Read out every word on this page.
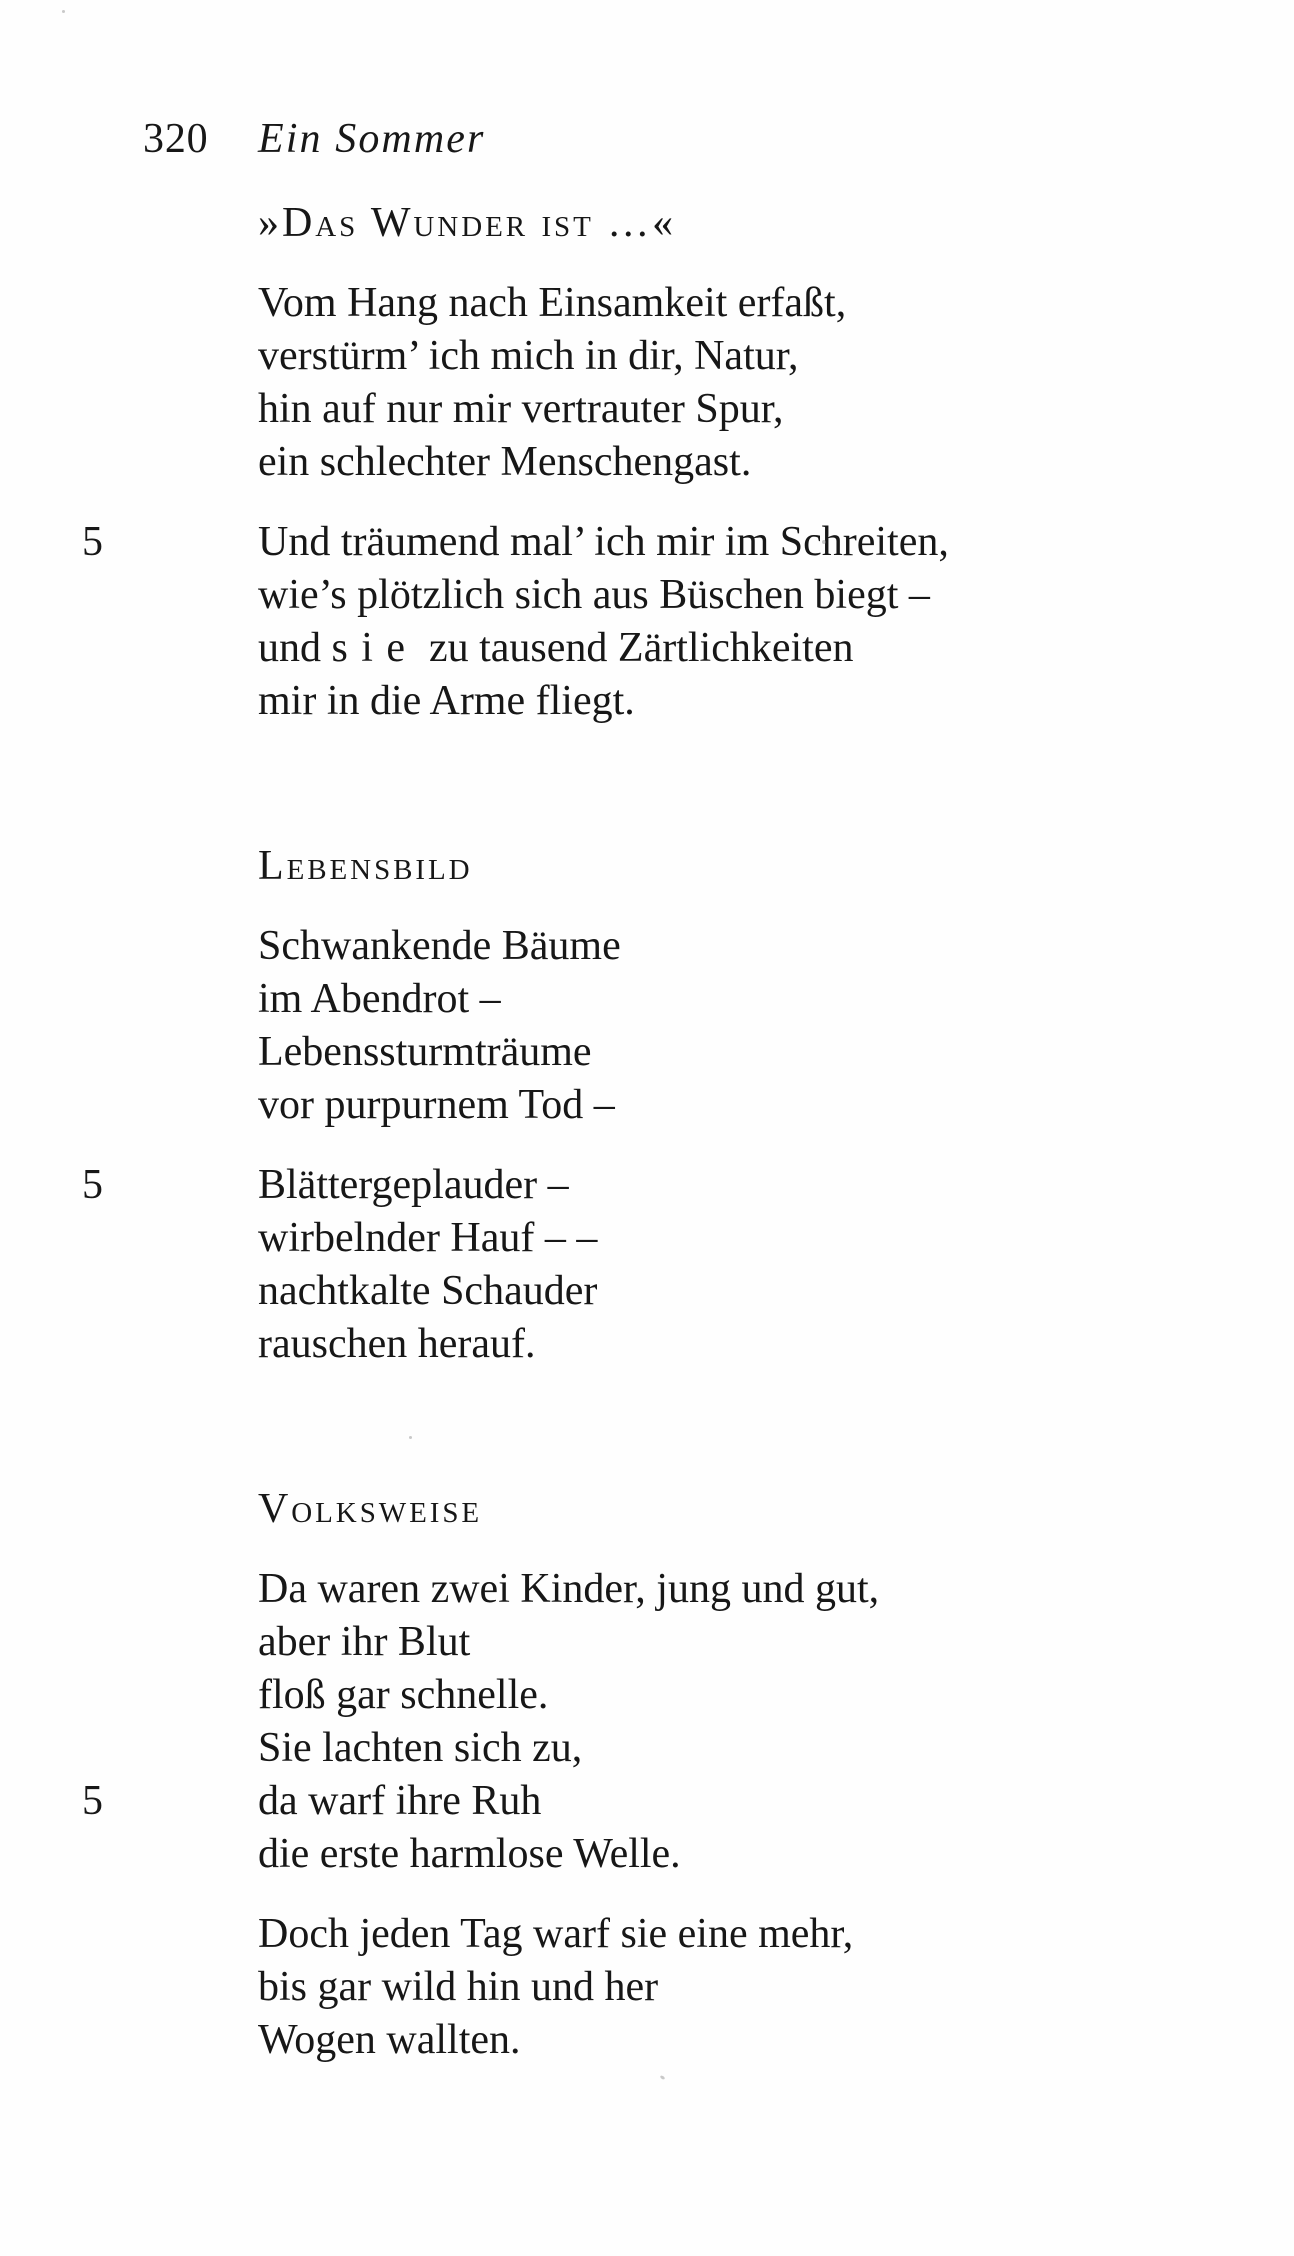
320 Ein Sommer
»Das Wunder ist …«
Vom Hang nach Einsamkeit erfaßt,
verstürm’ ich mich in dir, Natur,
hin auf nur mir vertrauter Spur,
ein schlechter Menschengast.
5	Und träumend mal’ ich mir im Schreiten,
wie’s plötzlich sich aus Büschen biegt –
und sie zu tausend Zärtlichkeiten
mir in die Arme fliegt.
Lebensbild
Schwankende Bäume
im Abendrot –
Lebenssturmträume
vor purpurnem Tod –
5	Blättergeplauder –
wirbelnder Hauf – –
nachtkalte Schauder
rauschen herauf.
Volksweise
Da waren zwei Kinder, jung und gut,
aber ihr Blut
floß gar schnelle.
Sie lachten sich zu,
5	da warf ihre Ruh
die erste harmlose Welle.
Doch jeden Tag warf sie eine mehr,
bis gar wild hin und her
Wogen wallten.
